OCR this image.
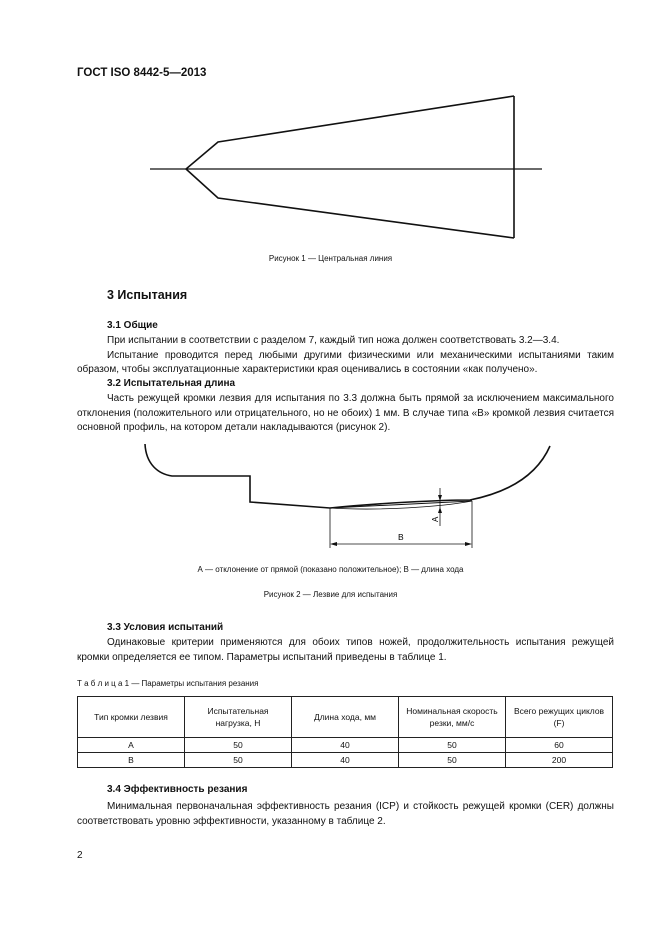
ГОСТ ISO 8442-5—2013
Рисунок 1 — Центральная линия
3 Испытания
3.1 Общие

При испытании в соответствии с разделом 7, каждый тип ножа должен соответствовать 3.2—3.4.

Испытание проводится перед любыми другими физическими или механическими испытаниями таким образом, чтобы эксплуатационные характеристики края оценивались в состоянии «как получено».

3.2 Испытательная длина

Часть режущей кромки лезвия для испытания по 3.3 должна быть прямой за исключением максимального отклонения (положительного или отрицательного, но не обоих) 1 мм. В случае типа «В» кромкой лезвия считается основной профиль, на котором детали накладываются (рисунок 2).

В
А
А — отклонение от прямой (показано положительное); В — длина хода
Рисунок 2 — Лезвие для испытания
3.3 Условия испытаний

Одинаковые критерии применяются для обоих типов ножей, продолжительность испытания режущей кромки определяется ее типом. Параметры испытаний приведены в таблице 1.

Т а б л и ц а 1 — Параметры испытания резания
Тип кромки лезвия	Испытательная нагрузка, Н	Длина хода, мм	Номинальная скорость резки, мм/с	Всего режущих циклов (F)
А	50	40	50	60
В	50	40	50	200
3.4 Эффективность резания

Минимальная первоначальная эффективность резания (ICP) и стойкость режущей кромки (CER) должны соответствовать уровню эффективности, указанному в таблице 2.

2
